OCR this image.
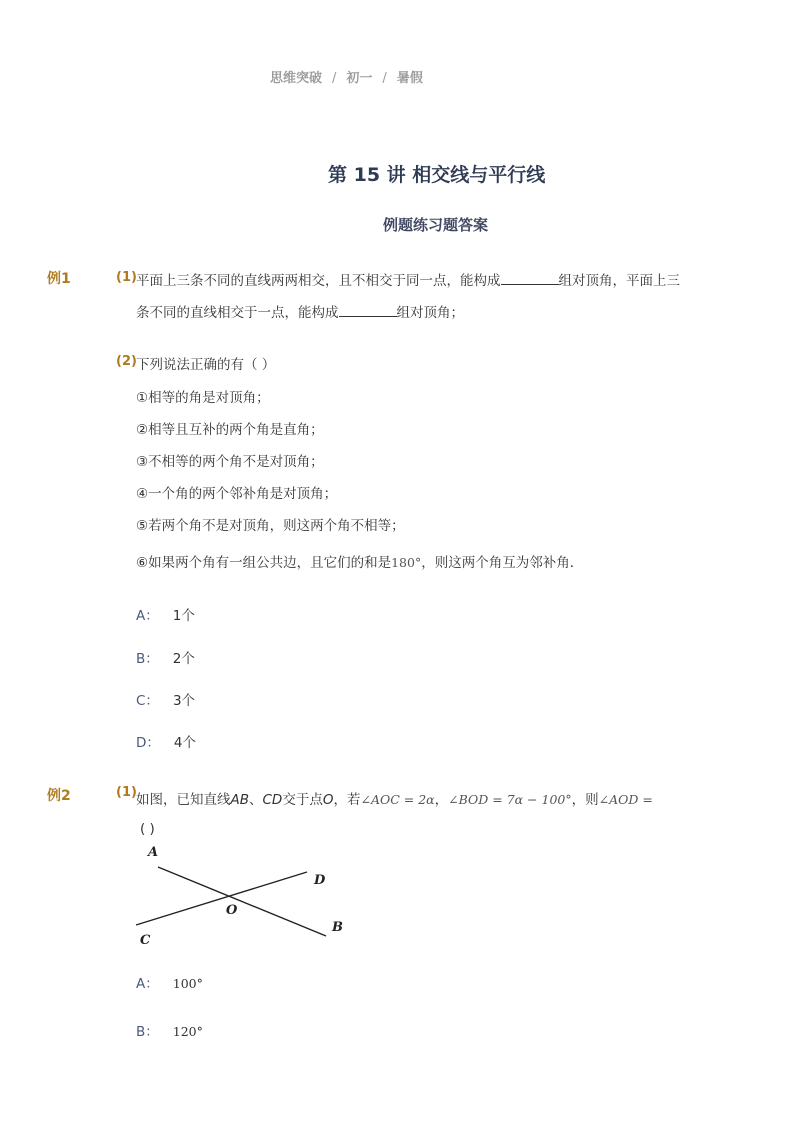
思维突破 / 初一 / 暑假
第 15 讲 相交线与平行线
例题练习题答案
例1	(1) 平面上三条不同的直线两两相交，且不相交于同一点，能构成	组对顶角，平面上三
条不同的直线相交于一点，能构成	组对顶角；
(2) 下列说法正确的有（ ）
①相等的角是对顶角；
②相等且互补的两个角是直角；
③不相等的两个角不是对顶角；
④一个角的两个邻补角是对顶角；
⑤若两个角不是对顶角，则这两个角不相等；
⑥如果两个角有一组公共边，且它们的和是180°，则这两个角互为邻补角．
A： 1个
B： 2个
C： 3个
D： 4个
例2	(1) 如图，已知直线AB、CD交于点O，若∠AOC = 2α，∠BOD = 7α − 100°，则∠AOD =
( )
A
D
O
B
C
A： 100°
B： 120°
